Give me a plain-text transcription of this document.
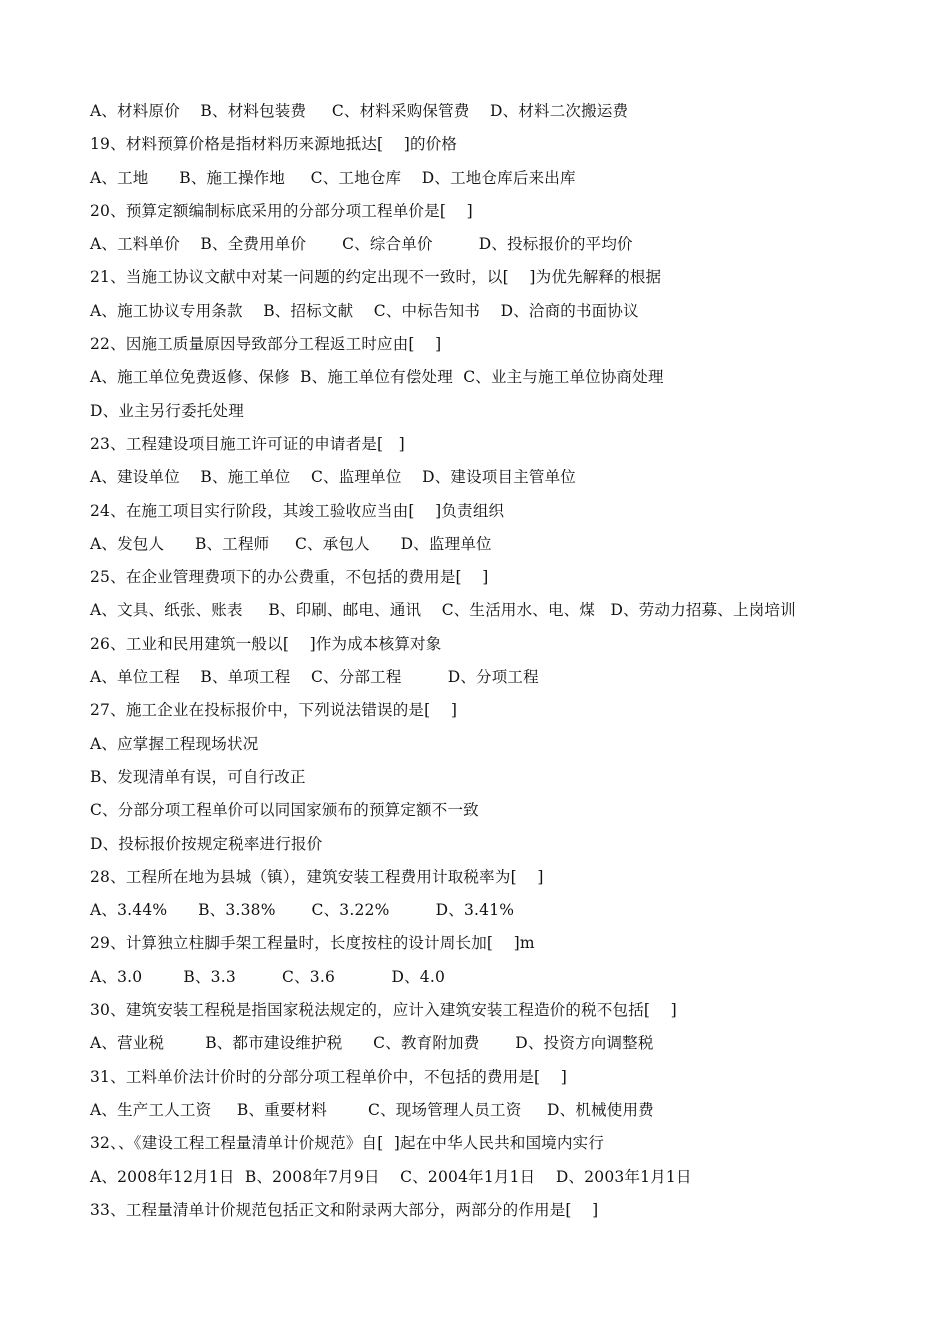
A、材料原价    B、材料包装费     C、材料采购保管费    D、材料二次搬运费
19、材料预算价格是指材料历来源地抵达[    ]的价格
A、工地      B、施工操作地     C、工地仓库    D、工地仓库后来出库
20、预算定额编制标底采用的分部分项工程单价是[    ]
A、工料单价    B、全费用单价       C、综合单价         D、投标报价的平均价
21、当施工协议文献中对某一问题的约定出现不一致时，以[    ]为优先解释的根据
A、施工协议专用条款    B、招标文献    C、中标告知书    D、洽商的书面协议
22、因施工质量原因导致部分工程返工时应由[    ]
A、施工单位免费返修、保修  B、施工单位有偿处理  C、业主与施工单位协商处理
D、业主另行委托处理
23、工程建设项目施工许可证的申请者是[   ]
A、建设单位    B、施工单位    C、监理单位    D、建设项目主管单位
24、在施工项目实行阶段，其竣工验收应当由[    ]负责组织
A、发包人      B、工程师     C、承包人      D、监理单位
25、在企业管理费项下的办公费重，不包括的费用是[    ]
A、文具、纸张、账表     B、印刷、邮电、通讯    C、生活用水、电、煤   D、劳动力招募、上岗培训
26、工业和民用建筑一般以[    ]作为成本核算对象
A、单位工程    B、单项工程    C、分部工程         D、分项工程
27、施工企业在投标报价中，下列说法错误的是[    ]
A、应掌握工程现场状况
B、发现清单有误，可自行改正
C、分部分项工程单价可以同国家颁布的预算定额不一致
D、投标报价按规定税率进行报价
28、工程所在地为县城（镇），建筑安装工程费用计取税率为[    ]
A、3.44%      B、3.38%       C、3.22%         D、3.41%
29、计算独立柱脚手架工程量时，长度按柱的设计周长加[    ]m
A、3.0        B、3.3         C、3.6           D、4.0
30、建筑安装工程税是指国家税法规定的，应计入建筑安装工程造价的税不包括[    ]
A、营业税        B、都市建设维护税      C、教育附加费       D、投资方向调整税
31、工料单价法计价时的分部分项工程单价中，不包括的费用是[    ]
A、生产工人工资     B、重要材料        C、现场管理人员工资     D、机械使用费
32、、《建设工程工程量清单计价规范》自[  ]起在中华人民共和国境内实行
A、2008年12月1日  B、2008年7月9日    C、2004年1月1日    D、2003年1月1日
33、工程量清单计价规范包括正文和附录两大部分，两部分的作用是[    ]
